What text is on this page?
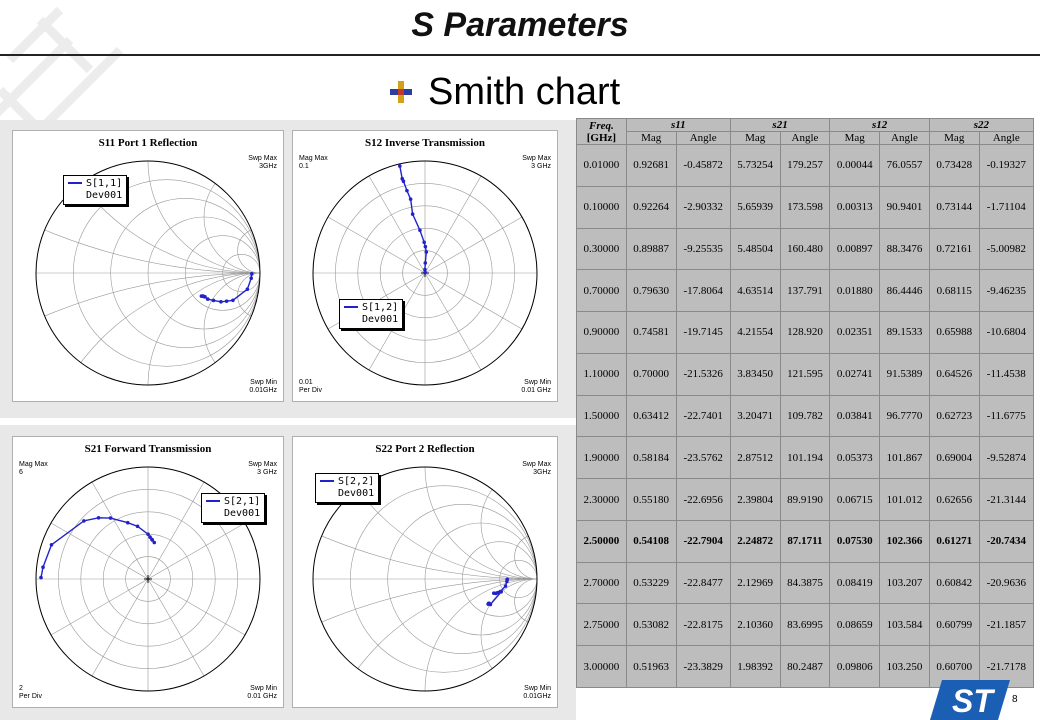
S Parameters
Smith chart
S11 Port 1 Reflection
Swp Max
3GHz
Swp Min
0.01GHz
S[1,1]
Dev001
S12 Inverse Transmission
Mag Max
0.1
Swp Max
3 GHz
0.01
Per Div
Swp Min
0.01 GHz
S[1,2]
Dev001
S21 Forward Transmission
Mag Max
6
Swp Max
3 GHz
2
Per Div
Swp Min
0.01 GHz
S[2,1]
Dev001
S22 Port 2 Reflection
Swp Max
3GHz
Swp Min
0.01GHz
S[2,2]
Dev001
Freq.
[GHz]	s11		s21		s12		s22	
	Mag	Angle	Mag	Angle	Mag	Angle	Mag	Angle
0.01000	0.92681	-0.45872	5.73254	179.257	0.00044	76.0557	0.73428	-0.19327
0.10000	0.92264	-2.90332	5.65939	173.598	0.00313	90.9401	0.73144	-1.71104
0.30000	0.89887	-9.25535	5.48504	160.480	0.00897	88.3476	0.72161	-5.00982
0.70000	0.79630	-17.8064	4.63514	137.791	0.01880	86.4446	0.68115	-9.46235
0.90000	0.74581	-19.7145	4.21554	128.920	0.02351	89.1533	0.65988	-10.6804
1.10000	0.70000	-21.5326	3.83450	121.595	0.02741	91.5389	0.64526	-11.4538
1.50000	0.63412	-22.7401	3.20471	109.782	0.03841	96.7770	0.62723	-11.6775
1.90000	0.58184	-23.5762	2.87512	101.194	0.05373	101.867	0.69004	-9.52874
2.30000	0.55180	-22.6956	2.39804	89.9190	0.06715	101.012	0.62656	-21.3144
2.50000	0.54108	-22.7904	2.24872	87.1711	0.07530	102.366	0.61271	-20.7434
2.70000	0.53229	-22.8477	2.12969	84.3875	0.08419	103.207	0.60842	-20.9636
2.75000	0.53082	-22.8175	2.10360	83.6995	0.08659	103.584	0.60799	-21.1857
3.00000	0.51963	-23.3829	1.98392	80.2487	0.09806	103.250	0.60700	-21.7178
ST 8
